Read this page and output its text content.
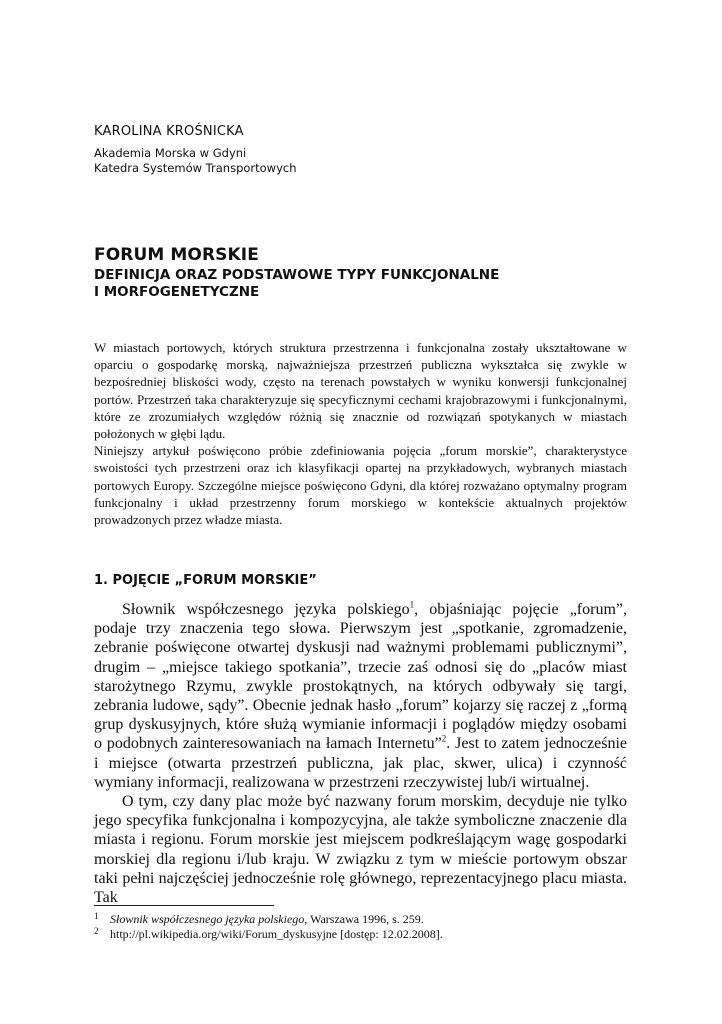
KAROLINA KROŚNICKA
Akademia Morska w Gdyni
Katedra Systemów Transportowych
FORUM MORSKIE
DEFINICJA ORAZ PODSTAWOWE TYPY FUNKCJONALNE
I MORFOGENETYCZNE

W miastach portowych, których struktura przestrzenna i funkcjonalna zostały ukształtowane w oparciu o gospodarkę morską, najważniejsza przestrzeń publiczna wykształca się zwykle w bezpośredniej bliskości wody, często na terenach powstałych w wyniku konwersji funkcjonalnej portów. Przestrzeń taka charakteryzuje się specyficznymi cechami krajobrazowymi i funkcjonalnymi, które ze zrozumiałych względów różnią się znacznie od rozwiązań spotykanych w miastach położonych w głębi lądu.

Niniejszy artykuł poświęcono próbie zdefiniowania pojęcia „forum morskie”, charakterystyce swoistości tych przestrzeni oraz ich klasyfikacji opartej na przykładowych, wybranych miastach portowych Europy. Szczególne miejsce poświęcono Gdyni, dla której rozważano optymalny program funkcjonalny i układ przestrzenny forum morskiego w kontekście aktualnych projektów prowadzonych przez władze miasta.

1. POJĘCIE „FORUM MORSKIE”

Słownik współczesnego języka polskiego$^1$, objaśniając pojęcie „forum”, podaje trzy znaczenia tego słowa. Pierwszym jest „spotkanie, zgromadzenie, zebranie poświęcone otwartej dyskusji nad ważnymi problemami publicznymi”, drugim – „miejsce takiego spotkania”, trzecie zaś odnosi się do „placów miast starożytnego Rzymu, zwykle prostokątnych, na których odbywały się targi, zebrania ludowe, sądy”. Obecnie jednak hasło „forum” kojarzy się raczej z „formą grup dyskusyjnych, które służą wymianie informacji i poglądów między osobami o podobnych zainteresowaniach na łamach Internetu”$^2$. Jest to zatem jednocześnie i miejsce (otwarta przestrzeń publiczna, jak plac, skwer, ulica) i czynność wymiany informacji, realizowana w przestrzeni rzeczywistej lub/i wirtualnej.

O tym, czy dany plac może być nazwany forum morskim, decyduje nie tylko jego specyfika funkcjonalna i kompozycyjna, ale także symboliczne znaczenie dla miasta i regionu. Forum morskie jest miejscem podkreślającym wagę gospodarki morskiej dla regionu i/lub kraju. W związku z tym w mieście portowym obszar taki pełni najczęściej jednocześnie rolę głównego, reprezentacyjnego placu miasta. Tak

1 Słownik współczesnego języka polskiego, Warszawa 1996, s. 259.
2 http://pl.wikipedia.org/wiki/Forum_dyskusyjne [dostęp: 12.02.2008].
